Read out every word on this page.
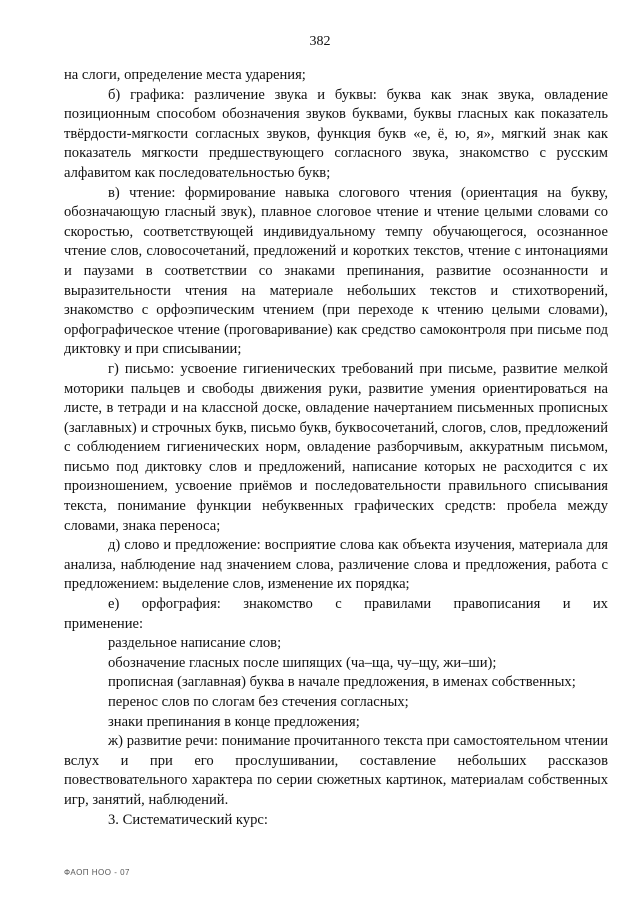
382

на слоги, определение места ударения;

б) графика: различение звука и буквы: буква как знак звука, овладение позиционным способом обозначения звуков буквами, буквы гласных как показатель твёрдости-мягкости согласных звуков, функция букв «е, ё, ю, я», мягкий знак как показатель мягкости предшествующего согласного звука, знакомство с русским алфавитом как последовательностью букв;

в) чтение: формирование навыка слогового чтения (ориентация на букву, обозначающую гласный звук), плавное слоговое чтение и чтение целыми словами со скоростью, соответствующей индивидуальному темпу обучающегося, осознанное чтение слов, словосочетаний, предложений и коротких текстов, чтение с интонациями и паузами в соответствии со знаками препинания, развитие осознанности и выразительности чтения на материале небольших текстов и стихотворений, знакомство с орфоэпическим чтением (при переходе к чтению целыми словами), орфографическое чтение (проговаривание) как средство самоконтроля при письме под диктовку и при списывании;

г) письмо: усвоение гигиенических требований при письме, развитие мелкой моторики пальцев и свободы движения руки, развитие умения ориентироваться на листе, в тетради и на классной доске, овладение начертанием письменных прописных (заглавных) и строчных букв, письмо букв, буквосочетаний, слогов, слов, предложений с соблюдением гигиенических норм, овладение разборчивым, аккуратным письмом, письмо под диктовку слов и предложений, написание которых не расходится с их произношением, усвоение приёмов и последовательности правильного списывания текста, понимание функции небуквенных графических средств: пробела между словами, знака переноса;

д) слово и предложение: восприятие слова как объекта изучения, материала для анализа, наблюдение над значением слова, различение слова и предложения, работа с предложением: выделение слов, изменение их порядка;

е) орфография: знакомство с правилами правописания и их

применение:

раздельное написание слов;

обозначение гласных после шипящих (ча–ща, чу–щу, жи–ши);

прописная (заглавная) буква в начале предложения, в именах собственных;

перенос слов по слогам без стечения согласных;

знаки препинания в конце предложения;

ж) развитие речи: понимание прочитанного текста при самостоятельном чтении вслух и при его прослушивании, составление небольших рассказов повествовательного характера по серии сюжетных картинок, материалам собственных игр, занятий, наблюдений.

3. Систематический курс:

ФАОП НОО - 07
